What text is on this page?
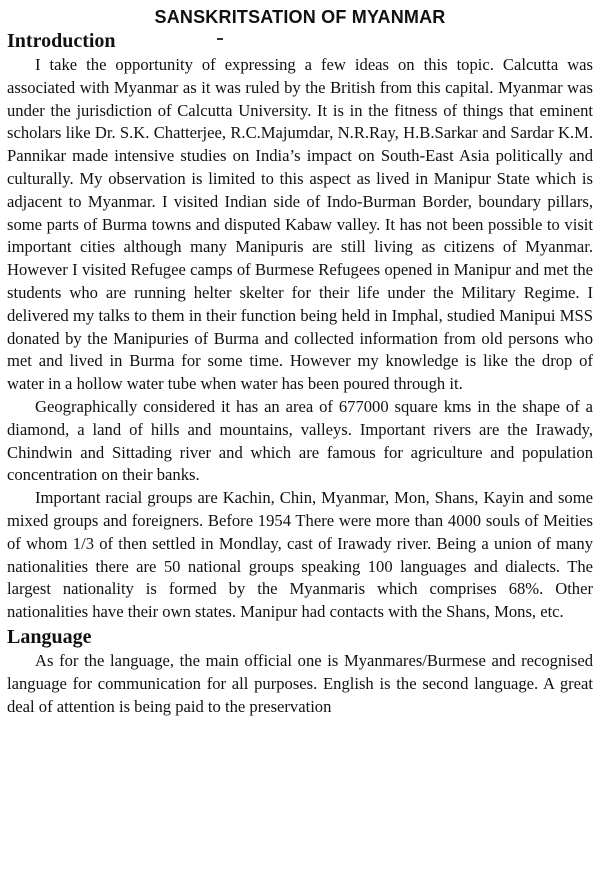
SANSKRITSATION OF MYANMAR
Introduction

I take the opportunity of expressing a few ideas on this topic. Calcutta was associated with Myanmar as it was ruled by the British from this capital. Myanmar was under the jurisdiction of Calcutta University. It is in the fitness of things that eminent scholars like Dr. S.K. Chatterjee, R.C.Majumdar, N.R.Ray, H.B.Sarkar and Sardar K.M. Pannikar made intensive studies on India’s impact on South-East Asia politically and culturally. My observation is limited to this aspect as lived in Manipur State which is adjacent to Myanmar. I visited Indian side of Indo-Burman Border, boundary pillars, some parts of Burma towns and disputed Kabaw valley. It has not been possible to visit important cities although many Manipuris are still living as citizens of Myanmar. However I visited Refugee camps of Burmese Refugees opened in Manipur and met the students who are running helter skelter for their life under the Military Regime. I delivered my talks to them in their function being held in Imphal, studied Manipui MSS donated by the Manipuries of Burma and collected information from old persons who met and lived in Burma for some time. However my knowledge is like the drop of water in a hollow water tube when water has been poured through it.

Geographically considered it has an area of 677000 square kms in the shape of a diamond, a land of hills and mountains, valleys. Important rivers are the Irawady, Chindwin and Sittading river and which are famous for agriculture and population concentration on their banks.

Important racial groups are Kachin, Chin, Myanmar, Mon, Shans, Kayin and some mixed groups and foreigners. Before 1954 There were more than 4000 souls of Meities of whom 1/3 of then settled in Mondlay, cast of Irawady river. Being a union of many nationalities there are 50 national groups speaking 100 languages and dialects. The largest nationality is formed by the Myanmaris which comprises 68%. Other nationalities have their own states. Manipur had contacts with the Shans, Mons, etc.

Language

As for the language, the main official one is Myanmares/Burmese and recognised language for communication for all purposes. English is the second language. A great deal of attention is being paid to the preservation
